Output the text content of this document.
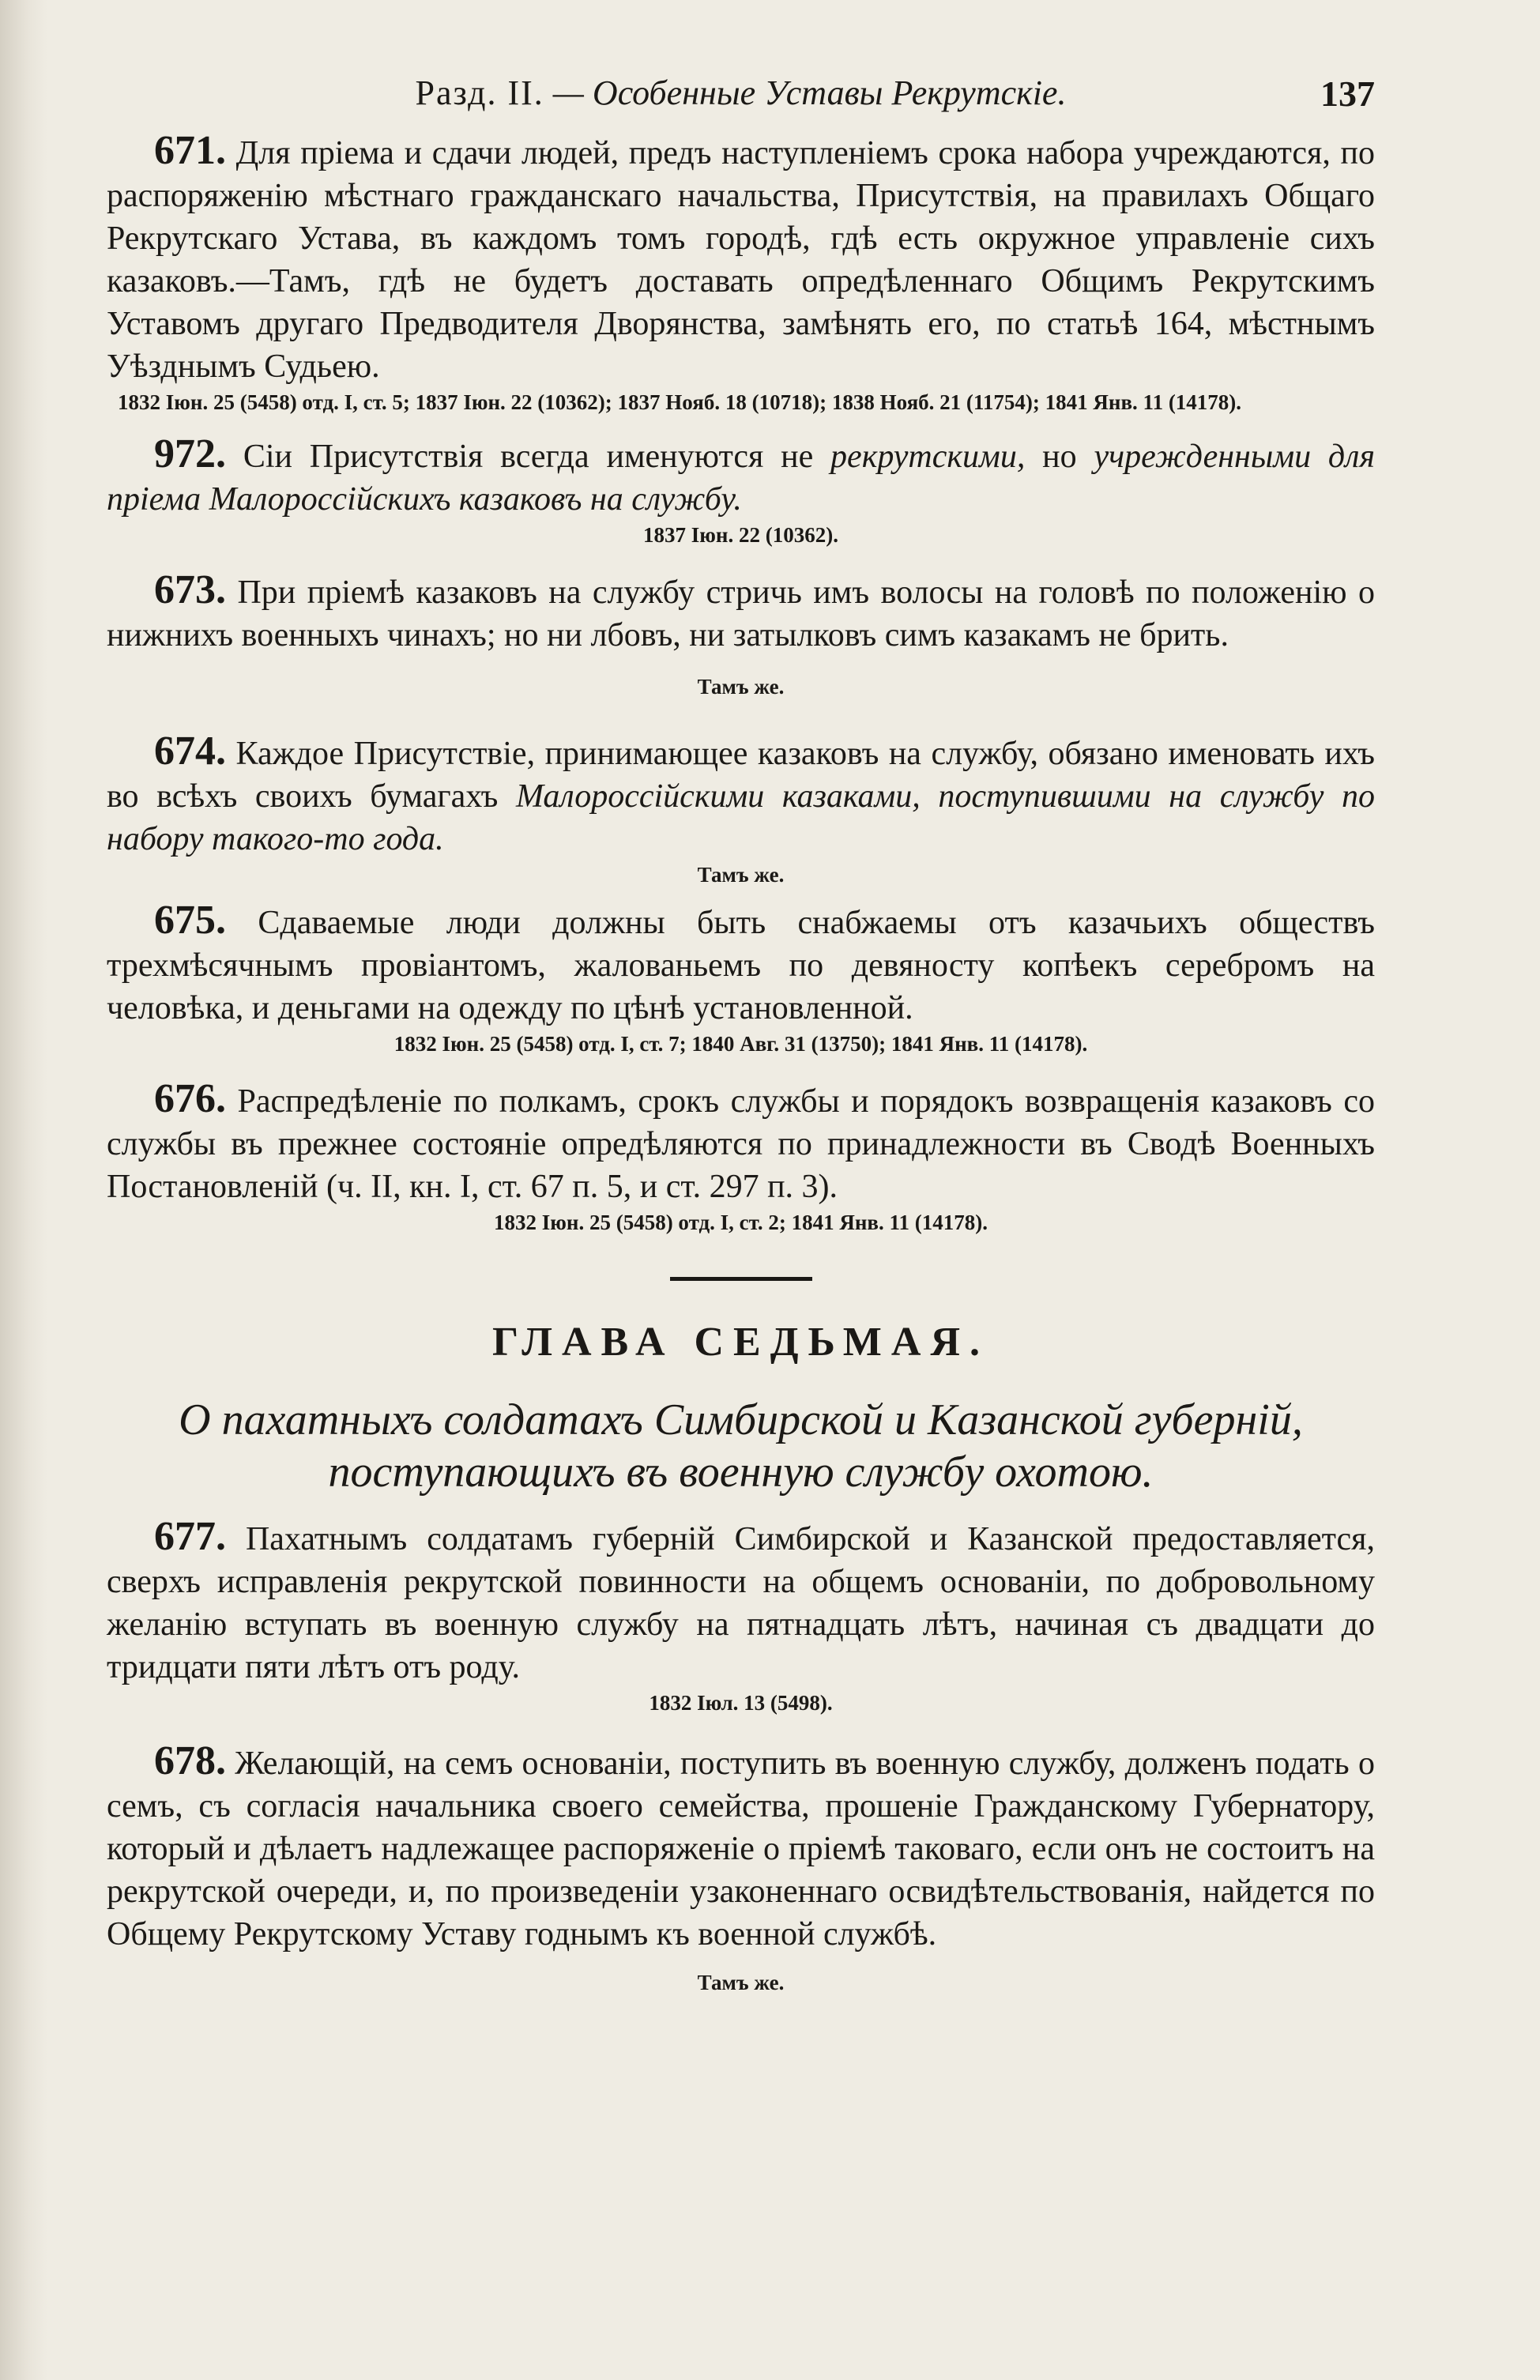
Разд. II. — Особенные Уставы Рекрутскіе.	137

671. Для пріема и сдачи людей, предъ наступленіемъ срока набора учреждаются, по распоряженію мѣстнаго гражданскаго начальства, Присутствія, на правилахъ Общаго Рекрутскаго Устава, въ каждомъ томъ городѣ, гдѣ есть окружное управленіе сихъ казаковъ.—Тамъ, гдѣ не будетъ доставать опредѣленнаго Общимъ Рекрутскимъ Уставомъ другаго Предводителя Дворянства, замѣнять его, по статьѣ 164, мѣстнымъ Уѣзднымъ Судьею.

1832 Іюн. 25 (5458) отд. I, ст. 5; 1837 Іюн. 22 (10362); 1837 Нояб. 18 (10718); 1838 Нояб. 21 (11754); 1841 Янв. 11 (14178).

972. Сіи Присутствія всегда именуются не рекрутскими, но учрежденными для пріема Малороссійскихъ казаковъ на службу.

1837 Іюн. 22 (10362).

673. При пріемѣ казаковъ на службу стричь имъ волосы на головѣ по положенію о нижнихъ военныхъ чинахъ; но ни лбовъ, ни затылковъ симъ казакамъ не брить.

Тамъ же.

674. Каждое Присутствіе, принимающее казаковъ на службу, обязано именовать ихъ во всѣхъ своихъ бумагахъ Малороссійскими казаками, поступившими на службу по набору такого-то года.

Тамъ же.

675. Сдаваемые люди должны быть снабжаемы отъ казачьихъ обществъ трехмѣсячнымъ провіантомъ, жалованьемъ по девяносту копѣекъ серебромъ на человѣка, и деньгами на одежду по цѣнѣ установленной.

1832 Іюн. 25 (5458) отд. I, ст. 7; 1840 Авг. 31 (13750); 1841 Янв. 11 (14178).

676. Распредѣленіе по полкамъ, срокъ службы и порядокъ возвращенія казаковъ со службы въ прежнее состояніе опредѣляются по принадлежности въ Сводѣ Военныхъ Постановленій (ч. II, кн. I, ст. 67 п. 5, и ст. 297 п. 3).

1832 Іюн. 25 (5458) отд. I, ст. 2; 1841 Янв. 11 (14178).

ГЛАВА СЕДЬМАЯ.

О пахатныхъ солдатахъ Симбирской и Казанской губерній, поступающихъ въ военную службу охотою.

677. Пахатнымъ солдатамъ губерній Симбирской и Казанской предоставляется, сверхъ исправленія рекрутской повинности на общемъ основаніи, по добровольному желанію вступать въ военную службу на пятнадцать лѣтъ, начиная съ двадцати до тридцати пяти лѣтъ отъ роду.

1832 Іюл. 13 (5498).

678. Желающій, на семъ основаніи, поступить въ военную службу, долженъ подать о семъ, съ согласія начальника своего семейства, прошеніе Гражданскому Губернатору, который и дѣлаетъ надлежащее распоряженіе о пріемѣ таковаго, если онъ не состоитъ на рекрутской очереди, и, по произведеніи узаконеннаго освидѣтельствованія, найдется по Общему Рекрутскому Уставу годнымъ къ военной службѣ.

Тамъ же.
